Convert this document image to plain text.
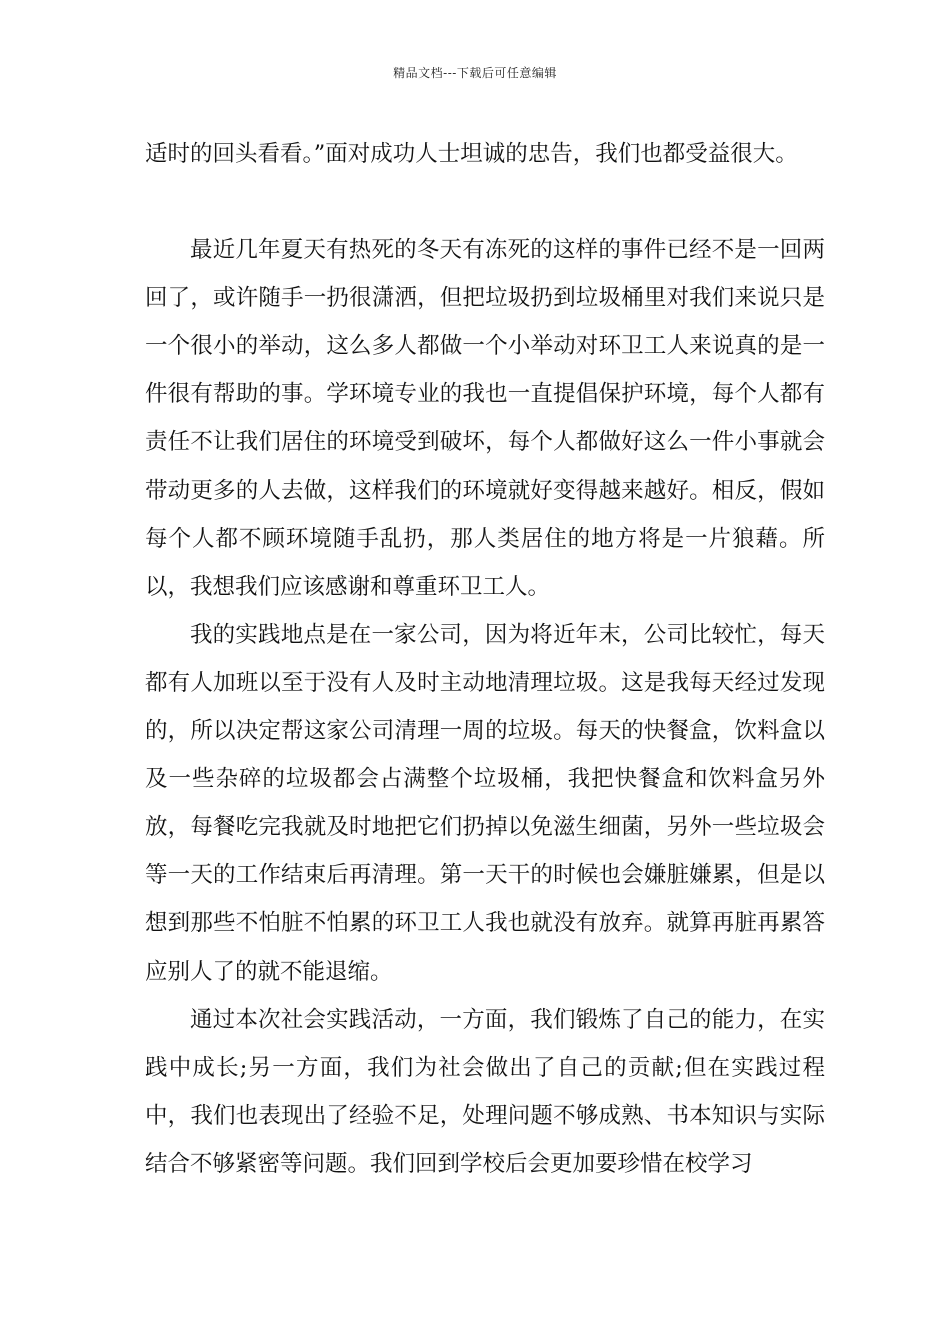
精品文档---下载后可任意编辑

适时的回头看看。”面对成功人士坦诚的忠告，我们也都受益很大。

最近几年夏天有热死的冬天有冻死的这样的事件已经不是一回两回了，或许随手一扔很潇洒，但把垃圾扔到垃圾桶里对我们来说只是一个很小的举动，这么多人都做一个小举动对环卫工人来说真的是一件很有帮助的事。学环境专业的我也一直提倡保护环境，每个人都有责任不让我们居住的环境受到破坏，每个人都做好这么一件小事就会带动更多的人去做，这样我们的环境就好变得越来越好。相反，假如每个人都不顾环境随手乱扔，那人类居住的地方将是一片狼藉。所以，我想我们应该感谢和尊重环卫工人。

我的实践地点是在一家公司，因为将近年末，公司比较忙，每天都有人加班以至于没有人及时主动地清理垃圾。这是我每天经过发现的，所以决定帮这家公司清理一周的垃圾。每天的快餐盒，饮料盒以及一些杂碎的垃圾都会占满整个垃圾桶，我把快餐盒和饮料盒另外放，每餐吃完我就及时地把它们扔掉以免滋生细菌，另外一些垃圾会等一天的工作结束后再清理。第一天干的时候也会嫌脏嫌累，但是以想到那些不怕脏不怕累的环卫工人我也就没有放弃。就算再脏再累答应别人了的就不能退缩。

通过本次社会实践活动，一方面，我们锻炼了自己的能力，在实践中成长;另一方面，我们为社会做出了自己的贡献;但在实践过程中，我们也表现出了经验不足，处理问题不够成熟、书本知识与实际结合不够紧密等问题。我们回到学校后会更加要珍惜在校学习
